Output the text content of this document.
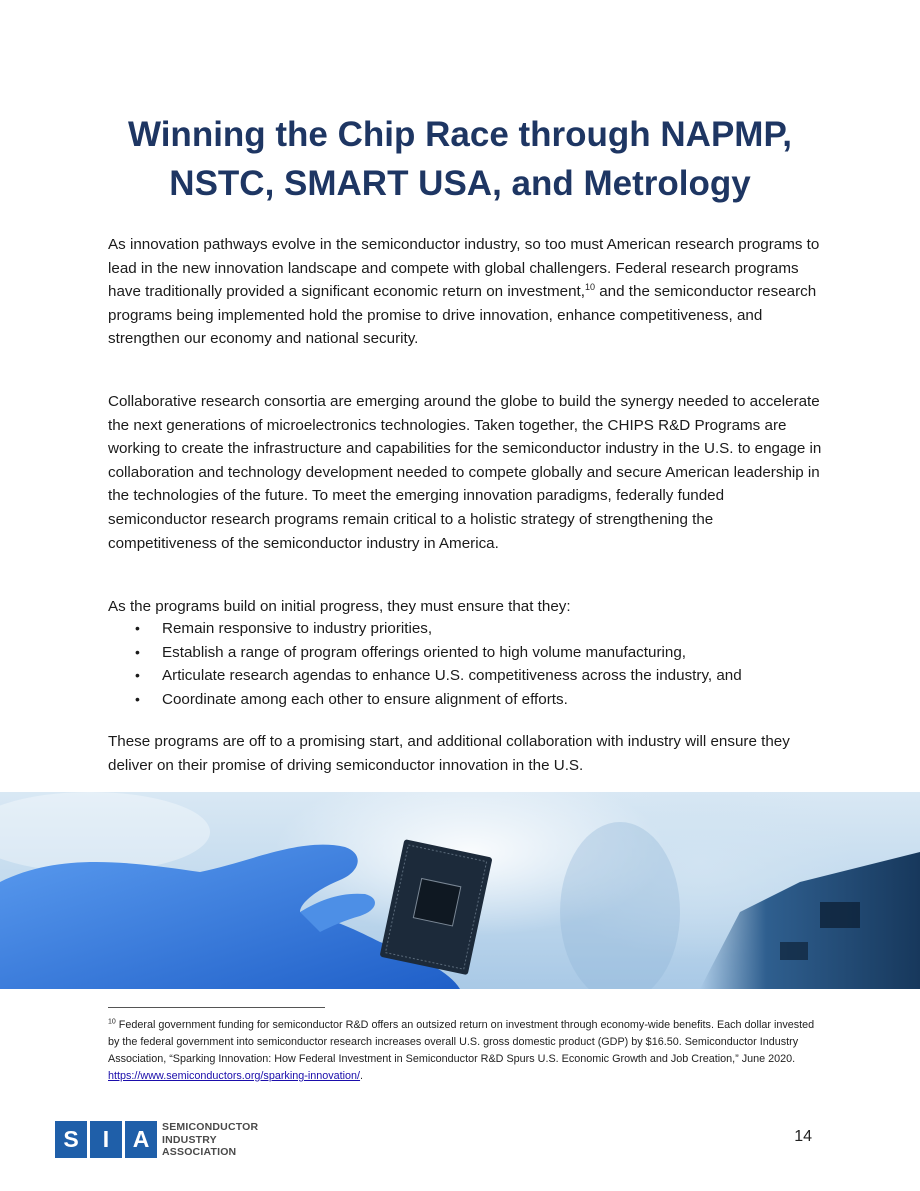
Winning the Chip Race through NAPMP,
NSTC, SMART USA, and Metrology

As innovation pathways evolve in the semiconductor industry, so too must American research programs to lead in the new innovation landscape and compete with global challengers. Federal research programs have traditionally provided a significant economic return on investment,$^{10}$ and the semiconductor research programs being implemented hold the promise to drive innovation, enhance competitiveness, and strengthen our economy and national security.

Collaborative research consortia are emerging around the globe to build the synergy needed to accelerate the next generations of microelectronics technologies. Taken together, the CHIPS R&D Programs are working to create the infrastructure and capabilities for the semiconductor industry in the U.S. to engage in collaboration and technology development needed to compete globally and secure American leadership in the technologies of the future. To meet the emerging innovation paradigms, federally funded semiconductor research programs remain critical to a holistic strategy of strengthening the competitiveness of the semiconductor industry in America.

As the programs build on initial progress, they must ensure that they:

• Remain responsive to industry priorities,
• Establish a range of program offerings oriented to high volume manufacturing,
• Articulate research agendas to enhance U.S. competitiveness across the industry, and
• Coordinate among each other to ensure alignment of efforts.

These programs are off to a promising start, and additional collaboration with industry will ensure they deliver on their promise of driving semiconductor innovation in the U.S.

$^{10}$ Federal government funding for semiconductor R&D offers an outsized return on investment through economy-wide benefits. Each dollar invested by the federal government into semiconductor research increases overall U.S. gross domestic product (GDP) by $16.50. Semiconductor Industry Association, “Sparking Innovation: How Federal Investment in Semiconductor R&D Spurs U.S. Economic Growth and Job Creation,” June 2020. https://www.semiconductors.org/sparking-innovation/.

S	I	A	SEMICONDUCTOR
INDUSTRY
ASSOCIATION
14
